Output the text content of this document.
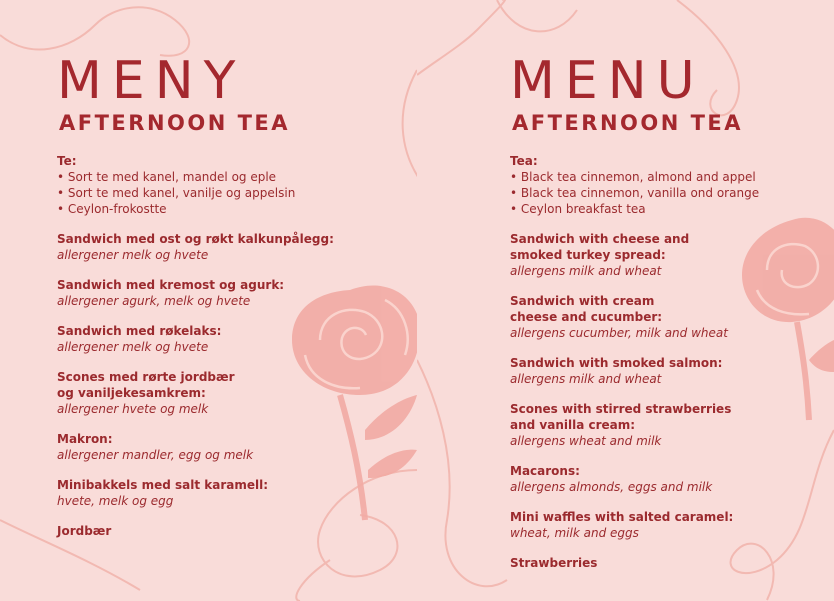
MENY
AFTERNOON TEA
Te:
• Sort te med kanel, mandel og eple
• Sort te med kanel, vanilje og appelsin
• Ceylon-frokostte
Sandwich med ost og røkt kalkunpålegg:
allergener melk og hvete
Sandwich med kremost og agurk:
allergener agurk, melk og hvete
Sandwich med røkelaks:
allergener melk og hvete
Scones med rørte jordbær
og vaniljekesamkrem:
allergener hvete og melk
Makron:
allergener mandler, egg og melk
Minibakkels med salt karamell:
hvete, melk og egg
Jordbær
MENU
AFTERNOON TEA
Tea:
• Black tea cinnemon, almond and appel
• Black tea cinnemon, vanilla ond orange
• Ceylon breakfast tea
Sandwich with cheese and
smoked turkey spread:
allergens milk and wheat
Sandwich with cream
cheese and cucumber:
allergens cucumber, milk and wheat
Sandwich with smoked salmon:
allergens milk and wheat
Scones with stirred strawberries
and vanilla cream:
allergens wheat and milk
Macarons:
allergens almonds, eggs and milk
Mini waffles with salted caramel:
wheat, milk and eggs
Strawberries
